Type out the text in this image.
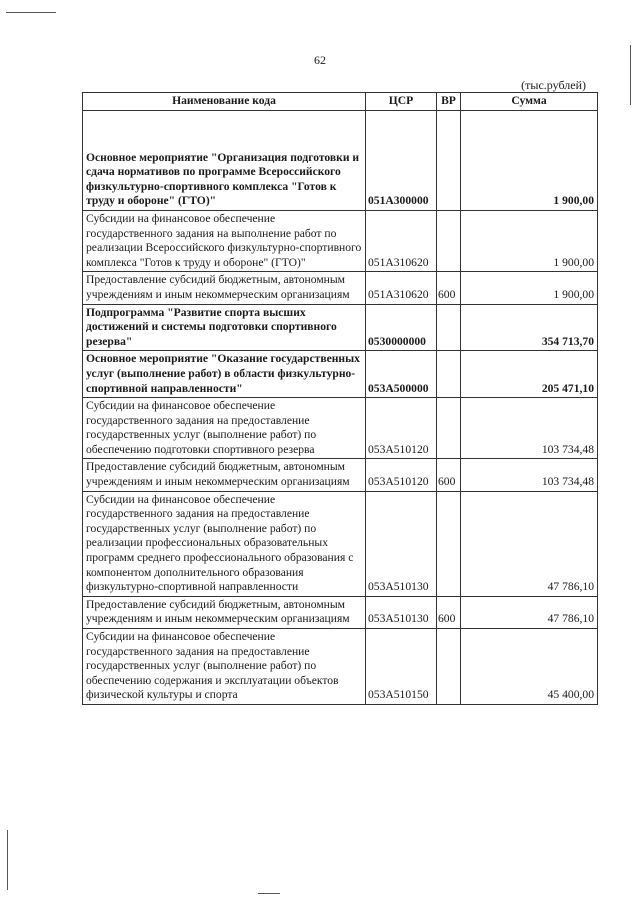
62
(тыс.рублей)
Наименование кода	ЦСР	ВР	Сумма
Основное мероприятие "Организация подготовки и сдача нормативов по программе Всероссийского физкультурно-спортивного комплекса "Готов к труду и обороне" (ГТО)"	051A300000		1 900,00
Субсидии на финансовое обеспечение государственного задания на выполнение работ по реализации Всероссийского физкультурно-спортивного комплекса "Готов к труду и обороне" (ГТО)"	051A310620		1 900,00
Предоставление субсидий бюджетным, автономным учреждениям и иным некоммерческим организациям	051A310620	600	1 900,00
Подпрограмма "Развитие спорта высших достижений и системы подготовки спортивного резерва"	0530000000		354 713,70
Основное мероприятие "Оказание государственных услуг (выполнение работ) в области физкультурно-спортивной направленности"	053A500000		205 471,10
Субсидии на финансовое обеспечение государственного задания на предоставление государственных услуг (выполнение работ) по обеспечению подготовки спортивного резерва	053A510120		103 734,48
Предоставление субсидий бюджетным, автономным учреждениям и иным некоммерческим организациям	053A510120	600	103 734,48
Субсидии на финансовое обеспечение государственного задания на предоставление государственных услуг (выполнение работ) по реализации профессиональных образовательных программ среднего профессионального образования с компонентом дополнительного образования физкультурно-спортивной направленности	053A510130		47 786,10
Предоставление субсидий бюджетным, автономным учреждениям и иным некоммерческим организациям	053A510130	600	47 786,10
Субсидии на финансовое обеспечение государственного задания на предоставление государственных услуг (выполнение работ) по обеспечению содержания и эксплуатации объектов физической культуры и спорта	053A510150		45 400,00
